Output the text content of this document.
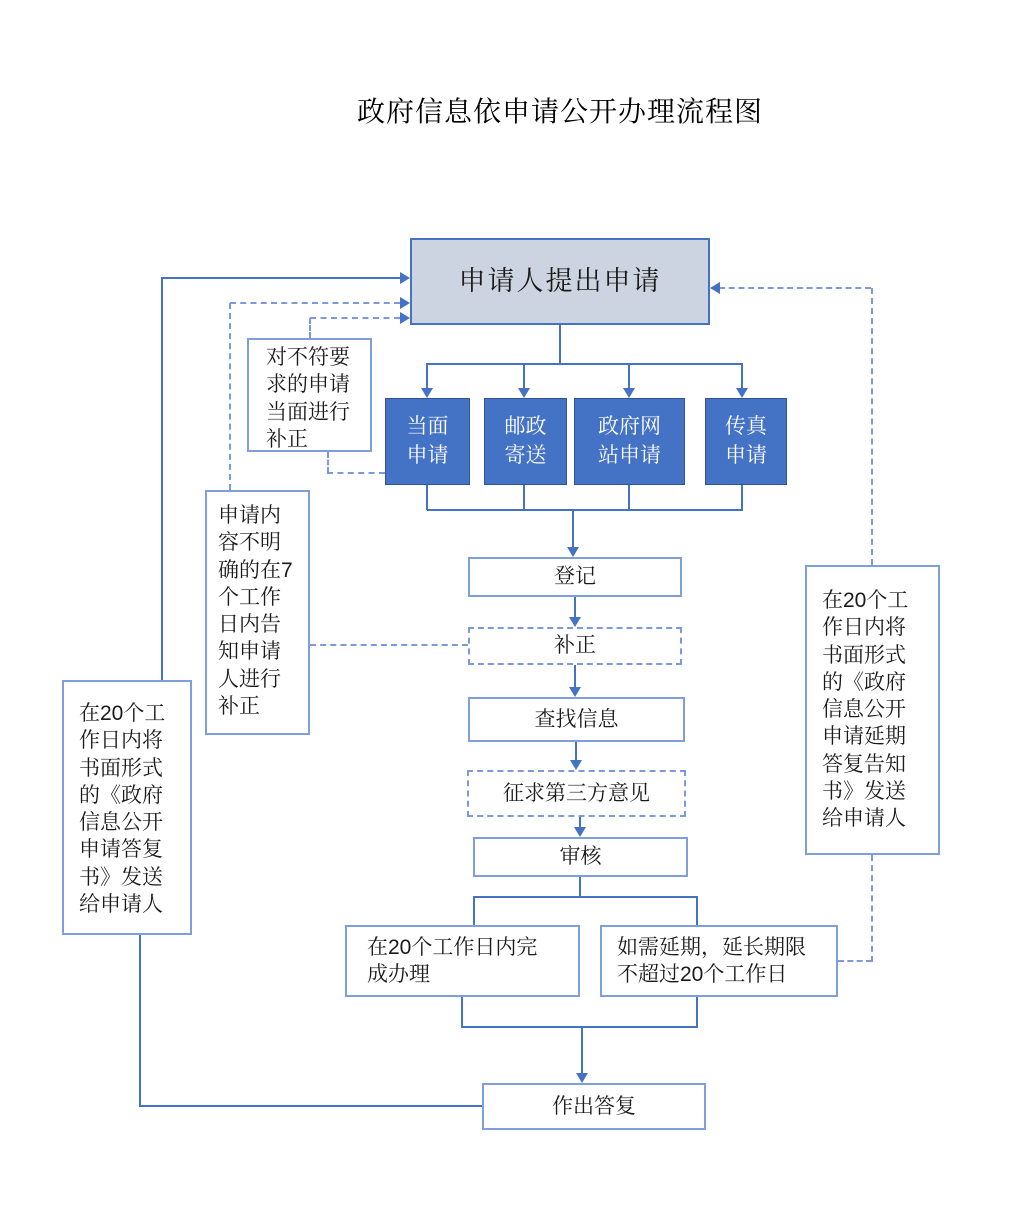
政府信息依申请公开办理流程图
申请人提出申请
当面申请
邮政寄送
政府网站申请
传真申请
登记
补正
查找信息
征求第三方意见
审核
在20个工作日内完成办理
如需延期，延长期限不超过20个工作日
作出答复
对不符要求的申请当面进行补正
申请内容不明确的在7个工作日内告知申请人进行补正
在20个工作日内将书面形式的《政府信息公开申请答复书》发送给申请人
在20个工作日内将书面形式的《政府信息公开申请延期答复告知书》发送给申请人
